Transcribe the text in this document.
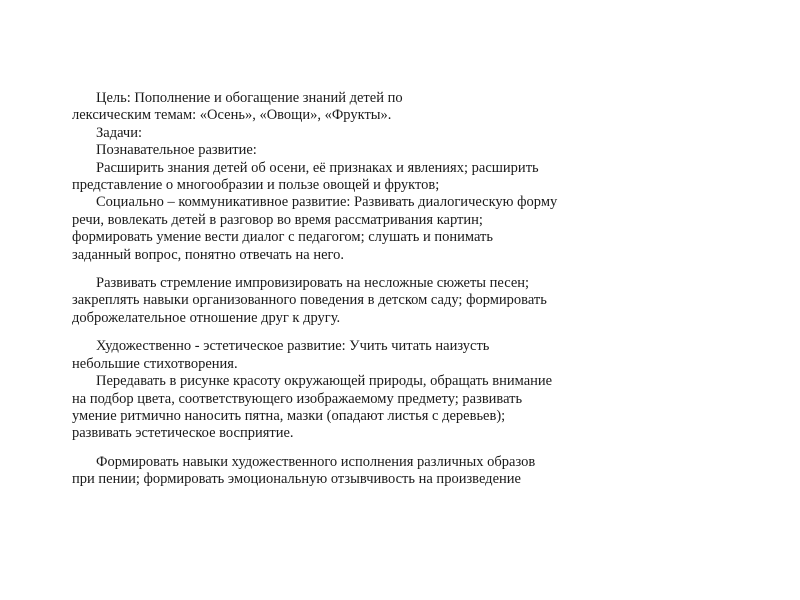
Цель: Пополнение и обогащение знаний детей по
лексическим темам: «Осень», «Овощи», «Фрукты».

Задачи:

Познавательное развитие:

Расширить знания детей об осени, её признаках и явлениях; расширить
представление о многообразии и пользе овощей и фруктов;

Социально – коммуникативное развитие: Развивать диалогическую форму
речи, вовлекать детей в разговор во время рассматривания картин;
формировать умение вести диалог с педагогом; слушать и понимать
заданный вопрос, понятно отвечать на него.

Развивать стремление импровизировать на несложные сюжеты песен;
закреплять навыки организованного поведения в детском саду; формировать
доброжелательное отношение друг к другу.

Художественно - эстетическое развитие: Учить читать наизусть
небольшие стихотворения.

Передавать в рисунке красоту окружающей природы, обращать внимание
на подбор цвета, соответствующего изображаемому предмету; развивать
умение ритмично наносить пятна, мазки (опадают листья с деревьев);
развивать эстетическое восприятие.

Формировать навыки художественного исполнения различных образов
при пении; формировать эмоциональную отзывчивость на произведение
